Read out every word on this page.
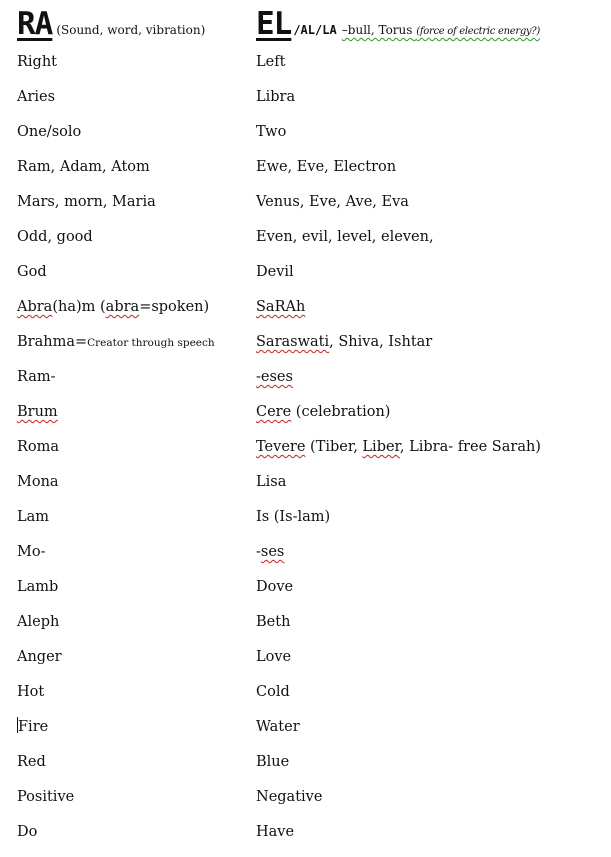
RA (Sound, word, vibration) EL /AL/LA –bull, Torus (force of electric energy?)
Right	Left
Aries	Libra
One/solo	Two
Ram, Adam, Atom	Ewe, Eve, Electron
Mars, morn, Maria	Venus, Eve, Ave, Eva
Odd, good	Even, evil, level, eleven,
God	Devil
Abra(ha)m (abra=spoken)	SaRAh
Brahma=Creator through speech	Saraswati, Shiva, Ishtar
Ram-	-eses
Brum	Cere (celebration)
Roma	Tevere (Tiber, Liber, Libra- free Sarah)
Mona	Lisa
Lam	Is (Is-lam)
Mo-	-ses
Lamb	Dove
Aleph	Beth
Anger	Love
Hot	Cold
Fire	Water
Red	Blue
Positive	Negative
Do	Have
